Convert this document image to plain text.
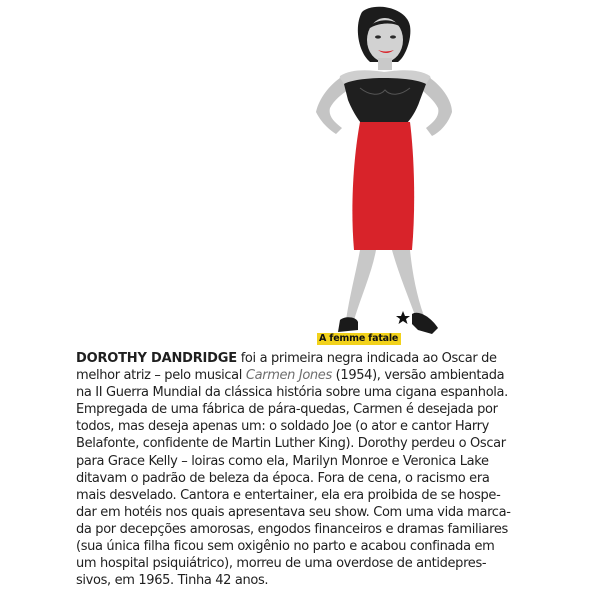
A femme fatale
DOROTHY DANDRIDGE foi a primeira negra indicada ao Oscar de
melhor atriz – pelo musical Carmen Jones (1954), versão ambientada
na II Guerra Mundial da clássica história sobre uma cigana espanhola.
Empregada de uma fábrica de pára-quedas, Carmen é desejada por
todos, mas deseja apenas um: o soldado Joe (o ator e cantor Harry
Belafonte, confidente de Martin Luther King). Dorothy perdeu o Oscar
para Grace Kelly – loiras como ela, Marilyn Monroe e Veronica Lake
ditavam o padrão de beleza da época. Fora de cena, o racismo era
mais desvelado. Cantora e entertainer, ela era proibida de se hospe-
dar em hotéis nos quais apresentava seu show. Com uma vida marca-
da por decepções amorosas, engodos financeiros e dramas familiares
(sua única filha ficou sem oxigênio no parto e acabou confinada em
um hospital psiquiátrico), morreu de uma overdose de antidepres-
sivos, em 1965. Tinha 42 anos.
